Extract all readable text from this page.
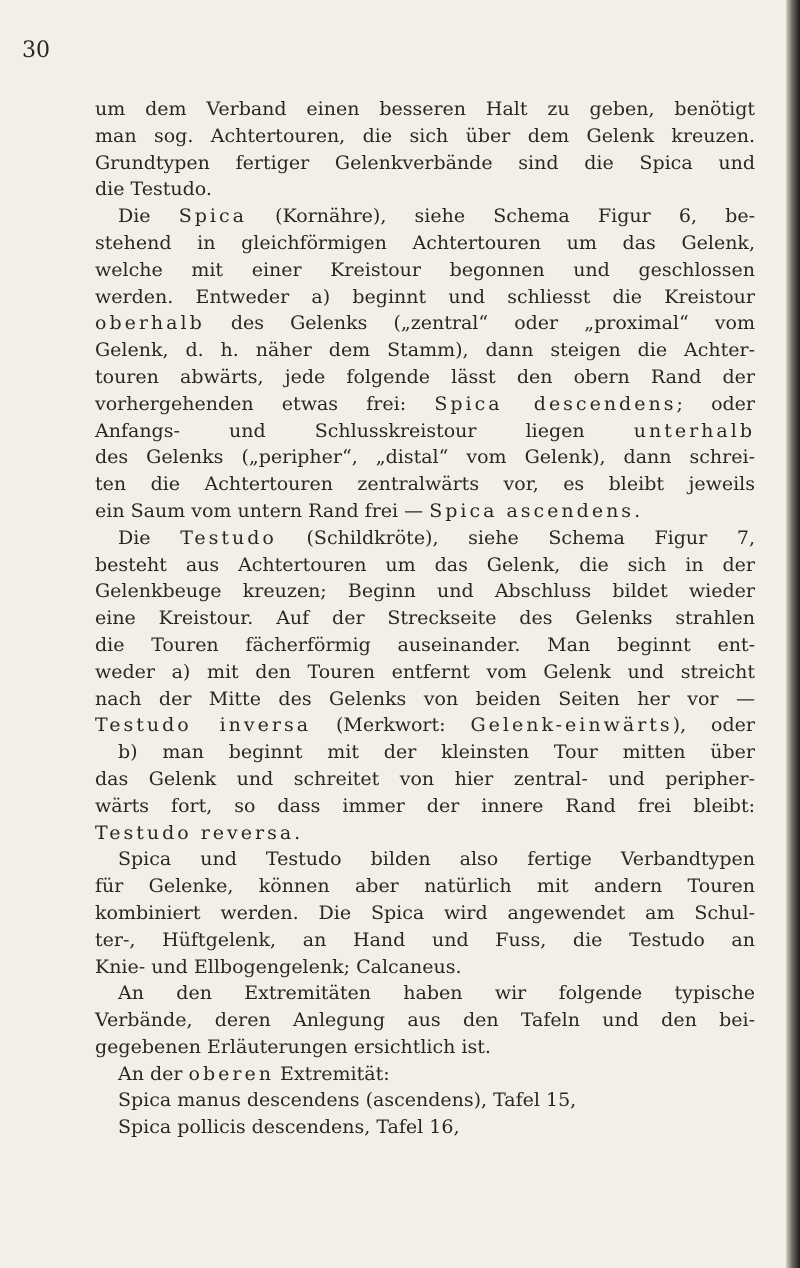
30
um dem Verband einen besseren Halt zu geben, benötigt
man sog. Achtertouren, die sich über dem Gelenk kreuzen.
Grundtypen fertiger Gelenkverbände sind die Spica und
die Testudo.
Die Spica (Kornähre), siehe Schema Figur 6, be-
stehend in gleichförmigen Achtertouren um das Gelenk,
welche mit einer Kreistour begonnen und geschlossen
werden. Entweder a) beginnt und schliesst die Kreistour
oberhalb des Gelenks („zentral“ oder „proximal“ vom
Gelenk, d. h. näher dem Stamm), dann steigen die Achter-
touren abwärts, jede folgende lässt den obern Rand der
vorhergehenden etwas frei: Spica descendens; oder
Anfangs- und Schlusskreistour liegen unterhalb
des Gelenks („peripher“, „distal“ vom Gelenk), dann schrei-
ten die Achtertouren zentralwärts vor, es bleibt jeweils
ein Saum vom untern Rand frei — Spica ascendens.
Die Testudo (Schildkröte), siehe Schema Figur 7,
besteht aus Achtertouren um das Gelenk, die sich in der
Gelenkbeuge kreuzen; Beginn und Abschluss bildet wieder
eine Kreistour. Auf der Streckseite des Gelenks strahlen
die Touren fächerförmig auseinander. Man beginnt ent-
weder a) mit den Touren entfernt vom Gelenk und streicht
nach der Mitte des Gelenks von beiden Seiten her vor —
Testudo inversa (Merkwort: Gelenk-einwärts), oder
b) man beginnt mit der kleinsten Tour mitten über
das Gelenk und schreitet von hier zentral- und peripher-
wärts fort, so dass immer der innere Rand frei bleibt:
Testudo reversa.
Spica und Testudo bilden also fertige Verbandtypen
für Gelenke, können aber natürlich mit andern Touren
kombiniert werden. Die Spica wird angewendet am Schul-
ter-, Hüftgelenk, an Hand und Fuss, die Testudo an
Knie- und Ellbogengelenk; Calcaneus.
An den Extremitäten haben wir folgende typische
Verbände, deren Anlegung aus den Tafeln und den bei-
gegebenen Erläuterungen ersichtlich ist.
An der oberen Extremität:
Spica manus descendens (ascendens), Tafel 15,
Spica pollicis descendens, Tafel 16,
